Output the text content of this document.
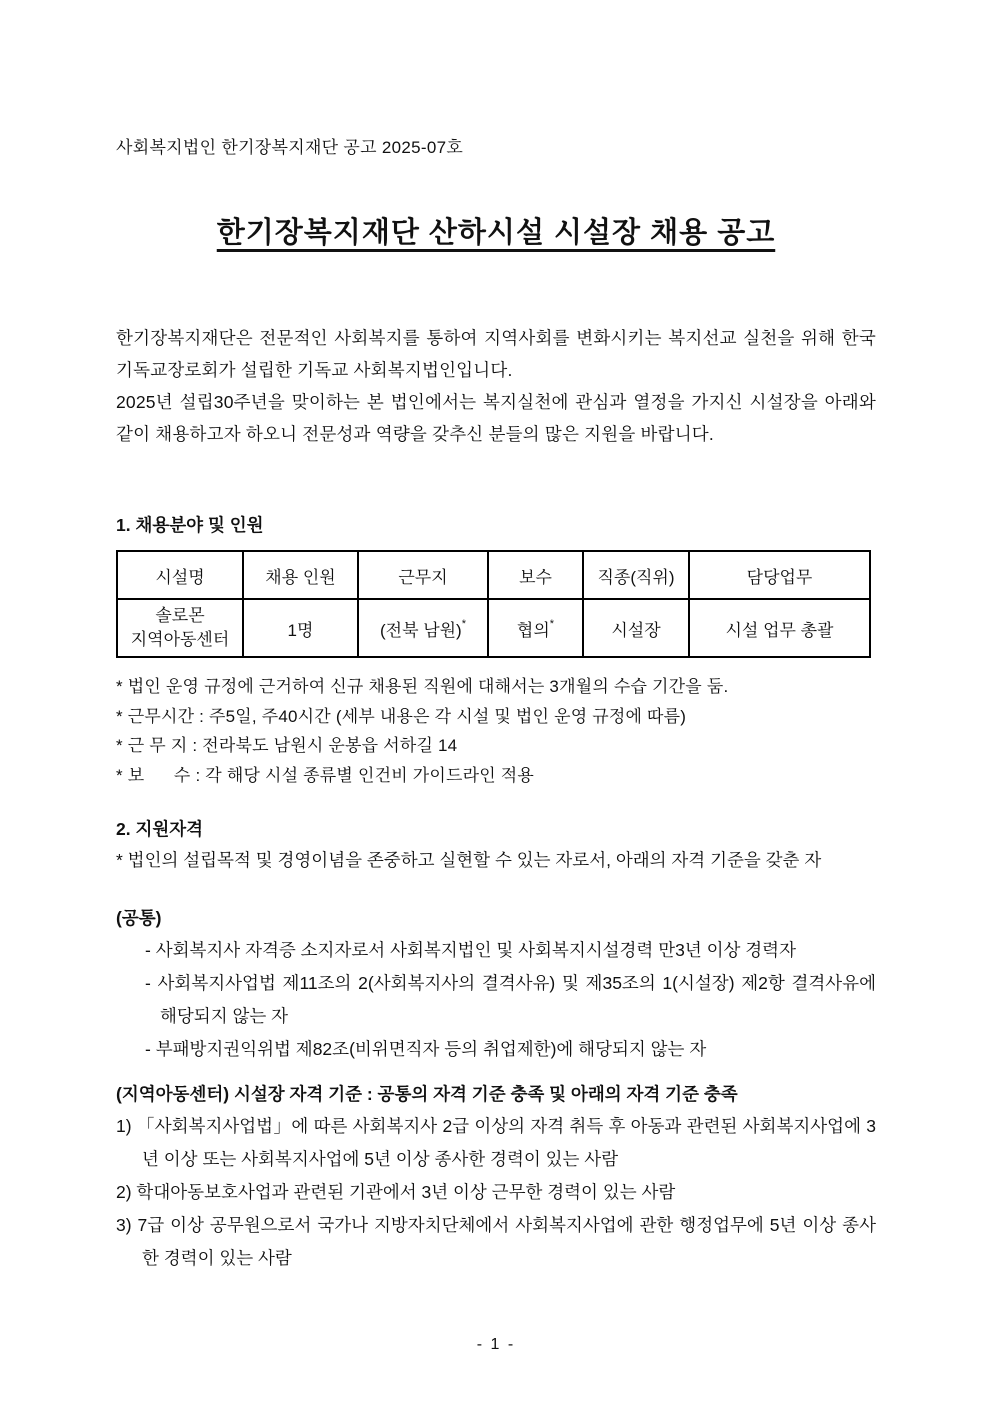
사회복지법인 한기장복지재단 공고 2025-07호
한기장복지재단 산하시설 시설장 채용 공고

한기장복지재단은 전문적인 사회복지를 통하여 지역사회를 변화시키는 복지선교 실천을 위해 한국기독교장로회가 설립한 기독교 사회복지법인입니다.

2025년 설립30주년을 맞이하는 본 법인에서는 복지실천에 관심과 열정을 가지신 시설장을 아래와 같이 채용하고자 하오니 전문성과 역량을 갖추신 분들의 많은 지원을 바랍니다.

1. 채용분야 및 인원
시설명	채용 인원	근무지	보수	직종(직위)	담당업무

솔로몬
지역아동센터	1명	(전북 남원)*	협의*	시설장	시설 업무 총괄
* 법인 운영 규정에 근거하여 신규 채용된 직원에 대해서는 3개월의 수습 기간을 둠.
* 근무시간 : 주5일, 주40시간 (세부 내용은 각 시설 및 법인 운영 규정에 따름)
* 근 무 지 : 전라북도 남원시 운봉읍 서하길 14
* 보      수 : 각 해당 시설 종류별 인건비 가이드라인 적용
2. 지원자격
* 법인의 설립목적 및 경영이념을 존중하고 실현할 수 있는 자로서, 아래의 자격 기준을 갖춘 자
(공통)
- 사회복지사 자격증 소지자로서 사회복지법인 및 사회복지시설경력 만3년 이상 경력자
- 사회복지사업법 제11조의 2(사회복지사의 결격사유) 및 제35조의 1(시설장) 제2항 결격사유에 해당되지 않는 자
- 부패방지권익위법 제82조(비위면직자 등의 취업제한)에 해당되지 않는 자
(지역아동센터) 시설장 자격 기준 : 공통의 자격 기준 충족 및 아래의 자격 기준 충족
1) 「사회복지사업법」에 따른 사회복지사 2급 이상의 자격 취득 후 아동과 관련된 사회복지사업에 3년 이상 또는 사회복지사업에 5년 이상 종사한 경력이 있는 사람
2) 학대아동보호사업과 관련된 기관에서 3년 이상 근무한 경력이 있는 사람
3) 7급 이상 공무원으로서 국가나 지방자치단체에서 사회복지사업에 관한 행정업무에 5년 이상 종사한 경력이 있는 사람
- 1 -
